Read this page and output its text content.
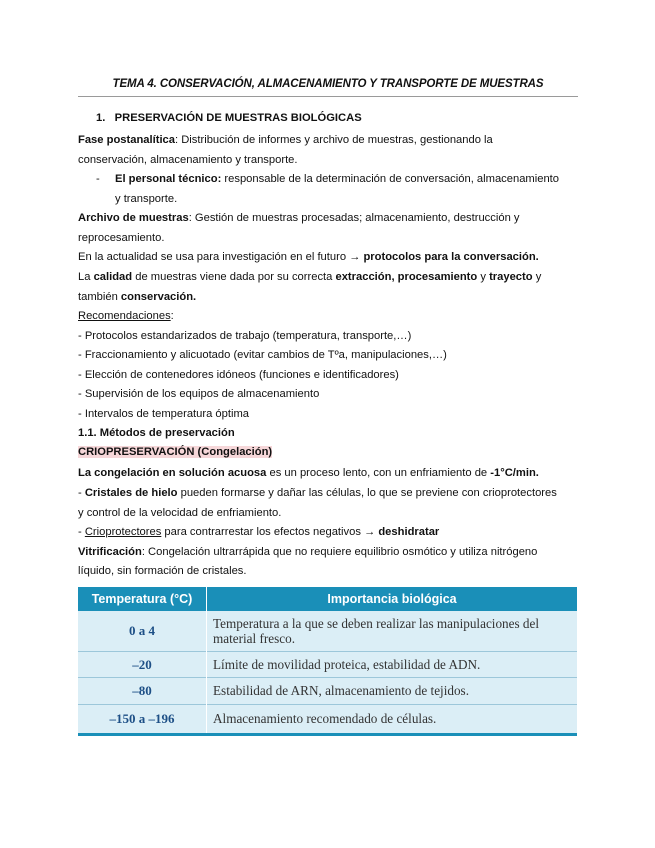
TEMA 4. CONSERVACIÓN, ALMACENAMIENTO Y TRANSPORTE DE MUESTRAS
1. PRESERVACIÓN DE MUESTRAS BIOLÓGICAS
Fase postanalítica: Distribución de informes y archivo de muestras, gestionando la
conservación, almacenamiento y transporte.
- El personal técnico: responsable de la determinación de conversación, almacenamiento
y transporte.
Archivo de muestras: Gestión de muestras procesadas; almacenamiento, destrucción y
reprocesamiento.
En la actualidad se usa para investigación en el futuro → protocolos para la conversación.
La calidad de muestras viene dada por su correcta extracción, procesamiento y trayecto y
también conservación.
Recomendaciones:
- Protocolos estandarizados de trabajo (temperatura, transporte,…)
- Fraccionamiento y alicuotado (evitar cambios de Tºa, manipulaciones,…)
- Elección de contenedores idóneos (funciones e identificadores)
- Supervisión de los equipos de almacenamiento
- Intervalos de temperatura óptima
1.1. Métodos de preservación
CRIOPRESERVACIÓN (Congelación)
La congelación en solución acuosa es un proceso lento, con un enfriamiento de -1°C/min.
- Cristales de hielo pueden formarse y dañar las células, lo que se previene con crioprotectores
y control de la velocidad de enfriamiento.
- Crioprotectores para contrarrestar los efectos negativos → deshidratar
Vitrificación: Congelación ultrarrápida que no requiere equilibrio osmótico y utiliza nitrógeno
líquido, sin formación de cristales.
Temperatura (°C)	Importancia biológica
0 a 4	Temperatura a la que se deben realizar las manipulaciones del
material fresco.
–20	Límite de movilidad proteica, estabilidad de ADN.
–80	Estabilidad de ARN, almacenamiento de tejidos.
–150 a –196	Almacenamiento recomendado de células.
